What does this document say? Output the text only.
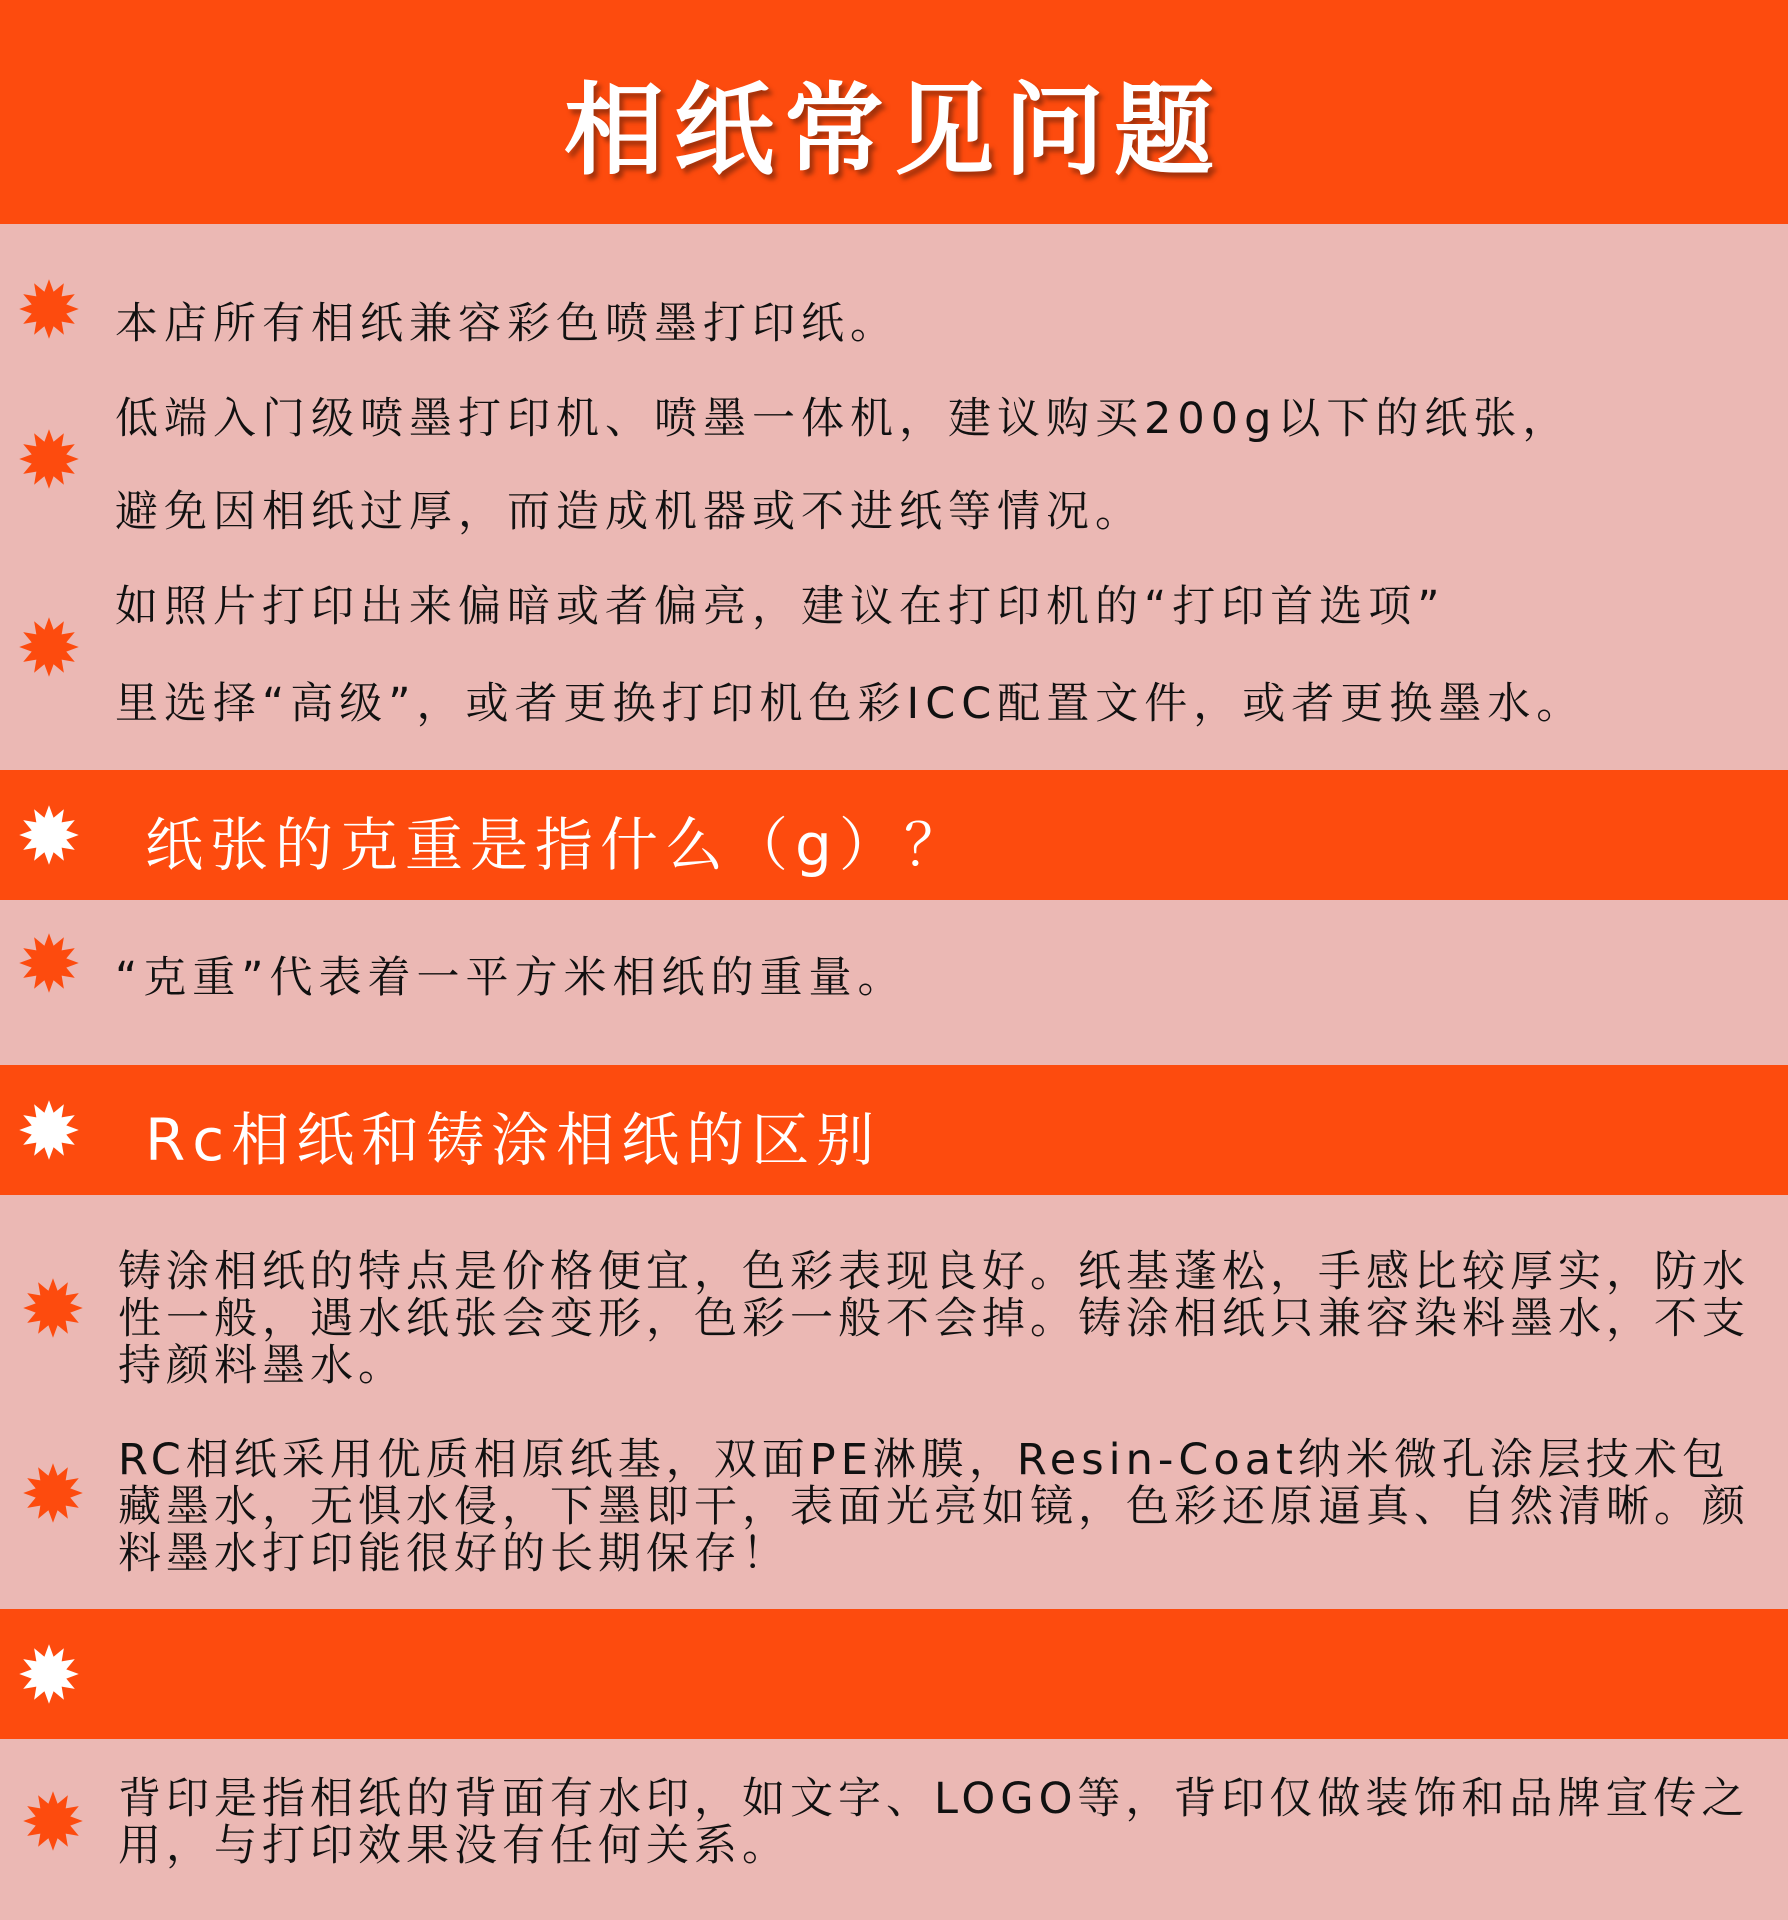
相纸常见问题
本店所有相纸兼容彩色喷墨打印纸。
低端入门级喷墨打印机、喷墨一体机，建议购买200g以下的纸张，
避免因相纸过厚，而造成机器或不进纸等情况。
如照片打印出来偏暗或者偏亮，建议在打印机的“打印首选项”
里选择“高级”，或者更换打印机色彩ICC配置文件，或者更换墨水。
纸张的克重是指什么（g）？
“克重”代表着一平方米相纸的重量。
Rc相纸和铸涂相纸的区别
铸涂相纸的特点是价格便宜，色彩表现良好。纸基蓬松，手感比较厚实，防水性一般，遇水纸张会变形，色彩一般不会掉。铸涂相纸只兼容染料墨水，不支持颜料墨水。
RC相纸采用优质相原纸基，双面PE淋膜，Resin-Coat纳米微孔涂层技术包藏墨水，无惧水侵，下墨即干，表面光亮如镜，色彩还原逼真、自然清晰。颜料墨水打印能很好的长期保存！
背印是指相纸的背面有水印，如文字、LOGO等，背印仅做装饰和品牌宣传之用，与打印效果没有任何关系。
